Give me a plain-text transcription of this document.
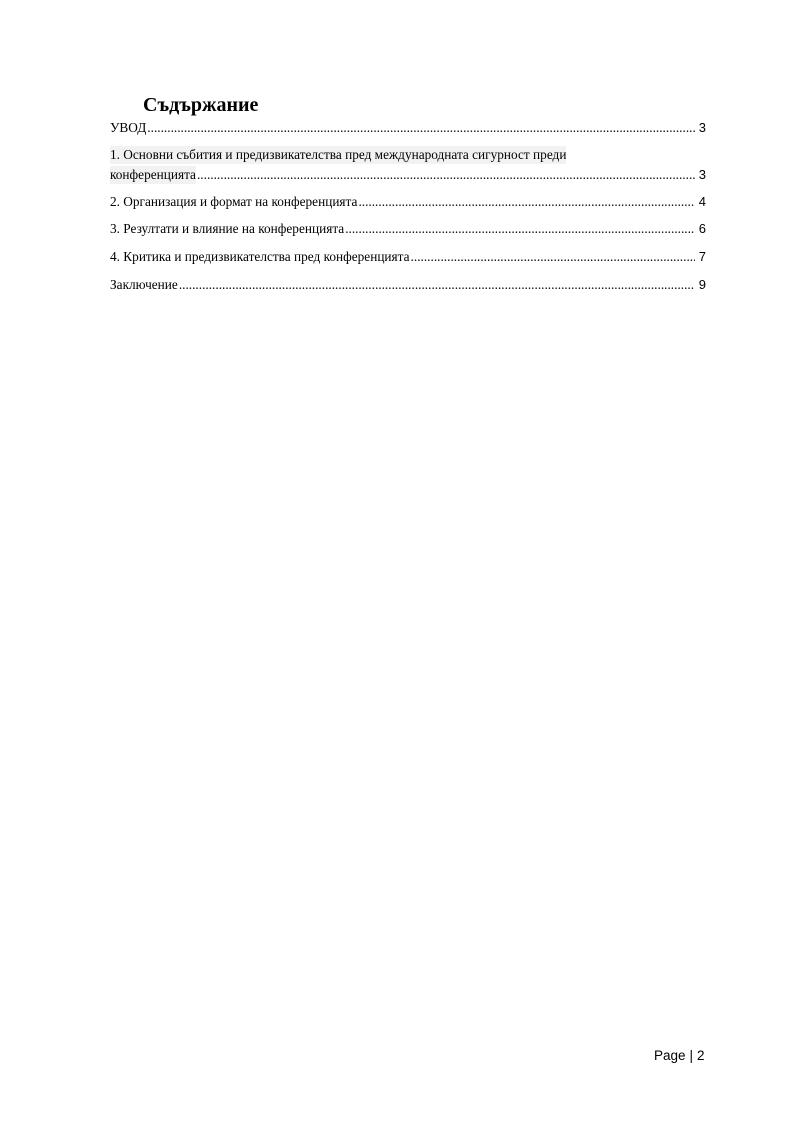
Съдържание
УВОД .....	3
1. Основни събития и предизвикателства пред международната сигурност преди
конференцията .....	3
2. Организация и формат на конференцията .....	4
3. Резултати и влияние на конференцията .....	6
4. Критика и предизвикателства пред конференцията .....	7
Заключение .....	9
Page | 2
